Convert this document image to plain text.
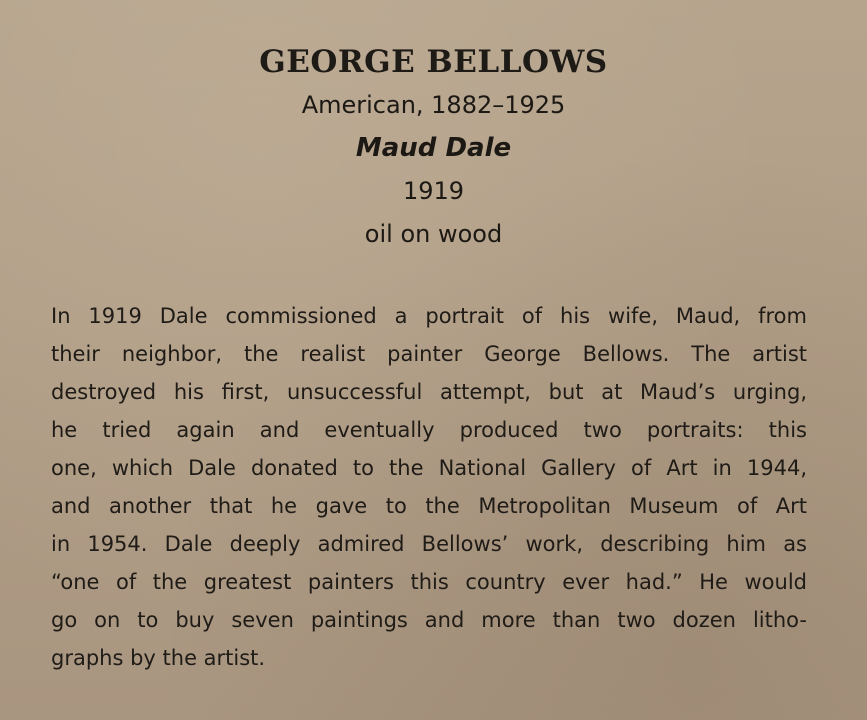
GEORGE BELLOWS

American, 1882–1925

Maud Dale

1919

oil on wood

In 1919 Dale commissioned a portrait of his wife, Maud, from
their neighbor, the realist painter George Bellows. The artist
destroyed his first, unsuccessful attempt, but at Maud’s urging,
he tried again and eventually produced two portraits: this
one, which Dale donated to the National Gallery of Art in 1944,
and another that he gave to the Metropolitan Museum of Art
in 1954. Dale deeply admired Bellows’ work, describing him as
“one of the greatest painters this country ever had.” He would
go on to buy seven paintings and more than two dozen litho-
graphs by the artist.
